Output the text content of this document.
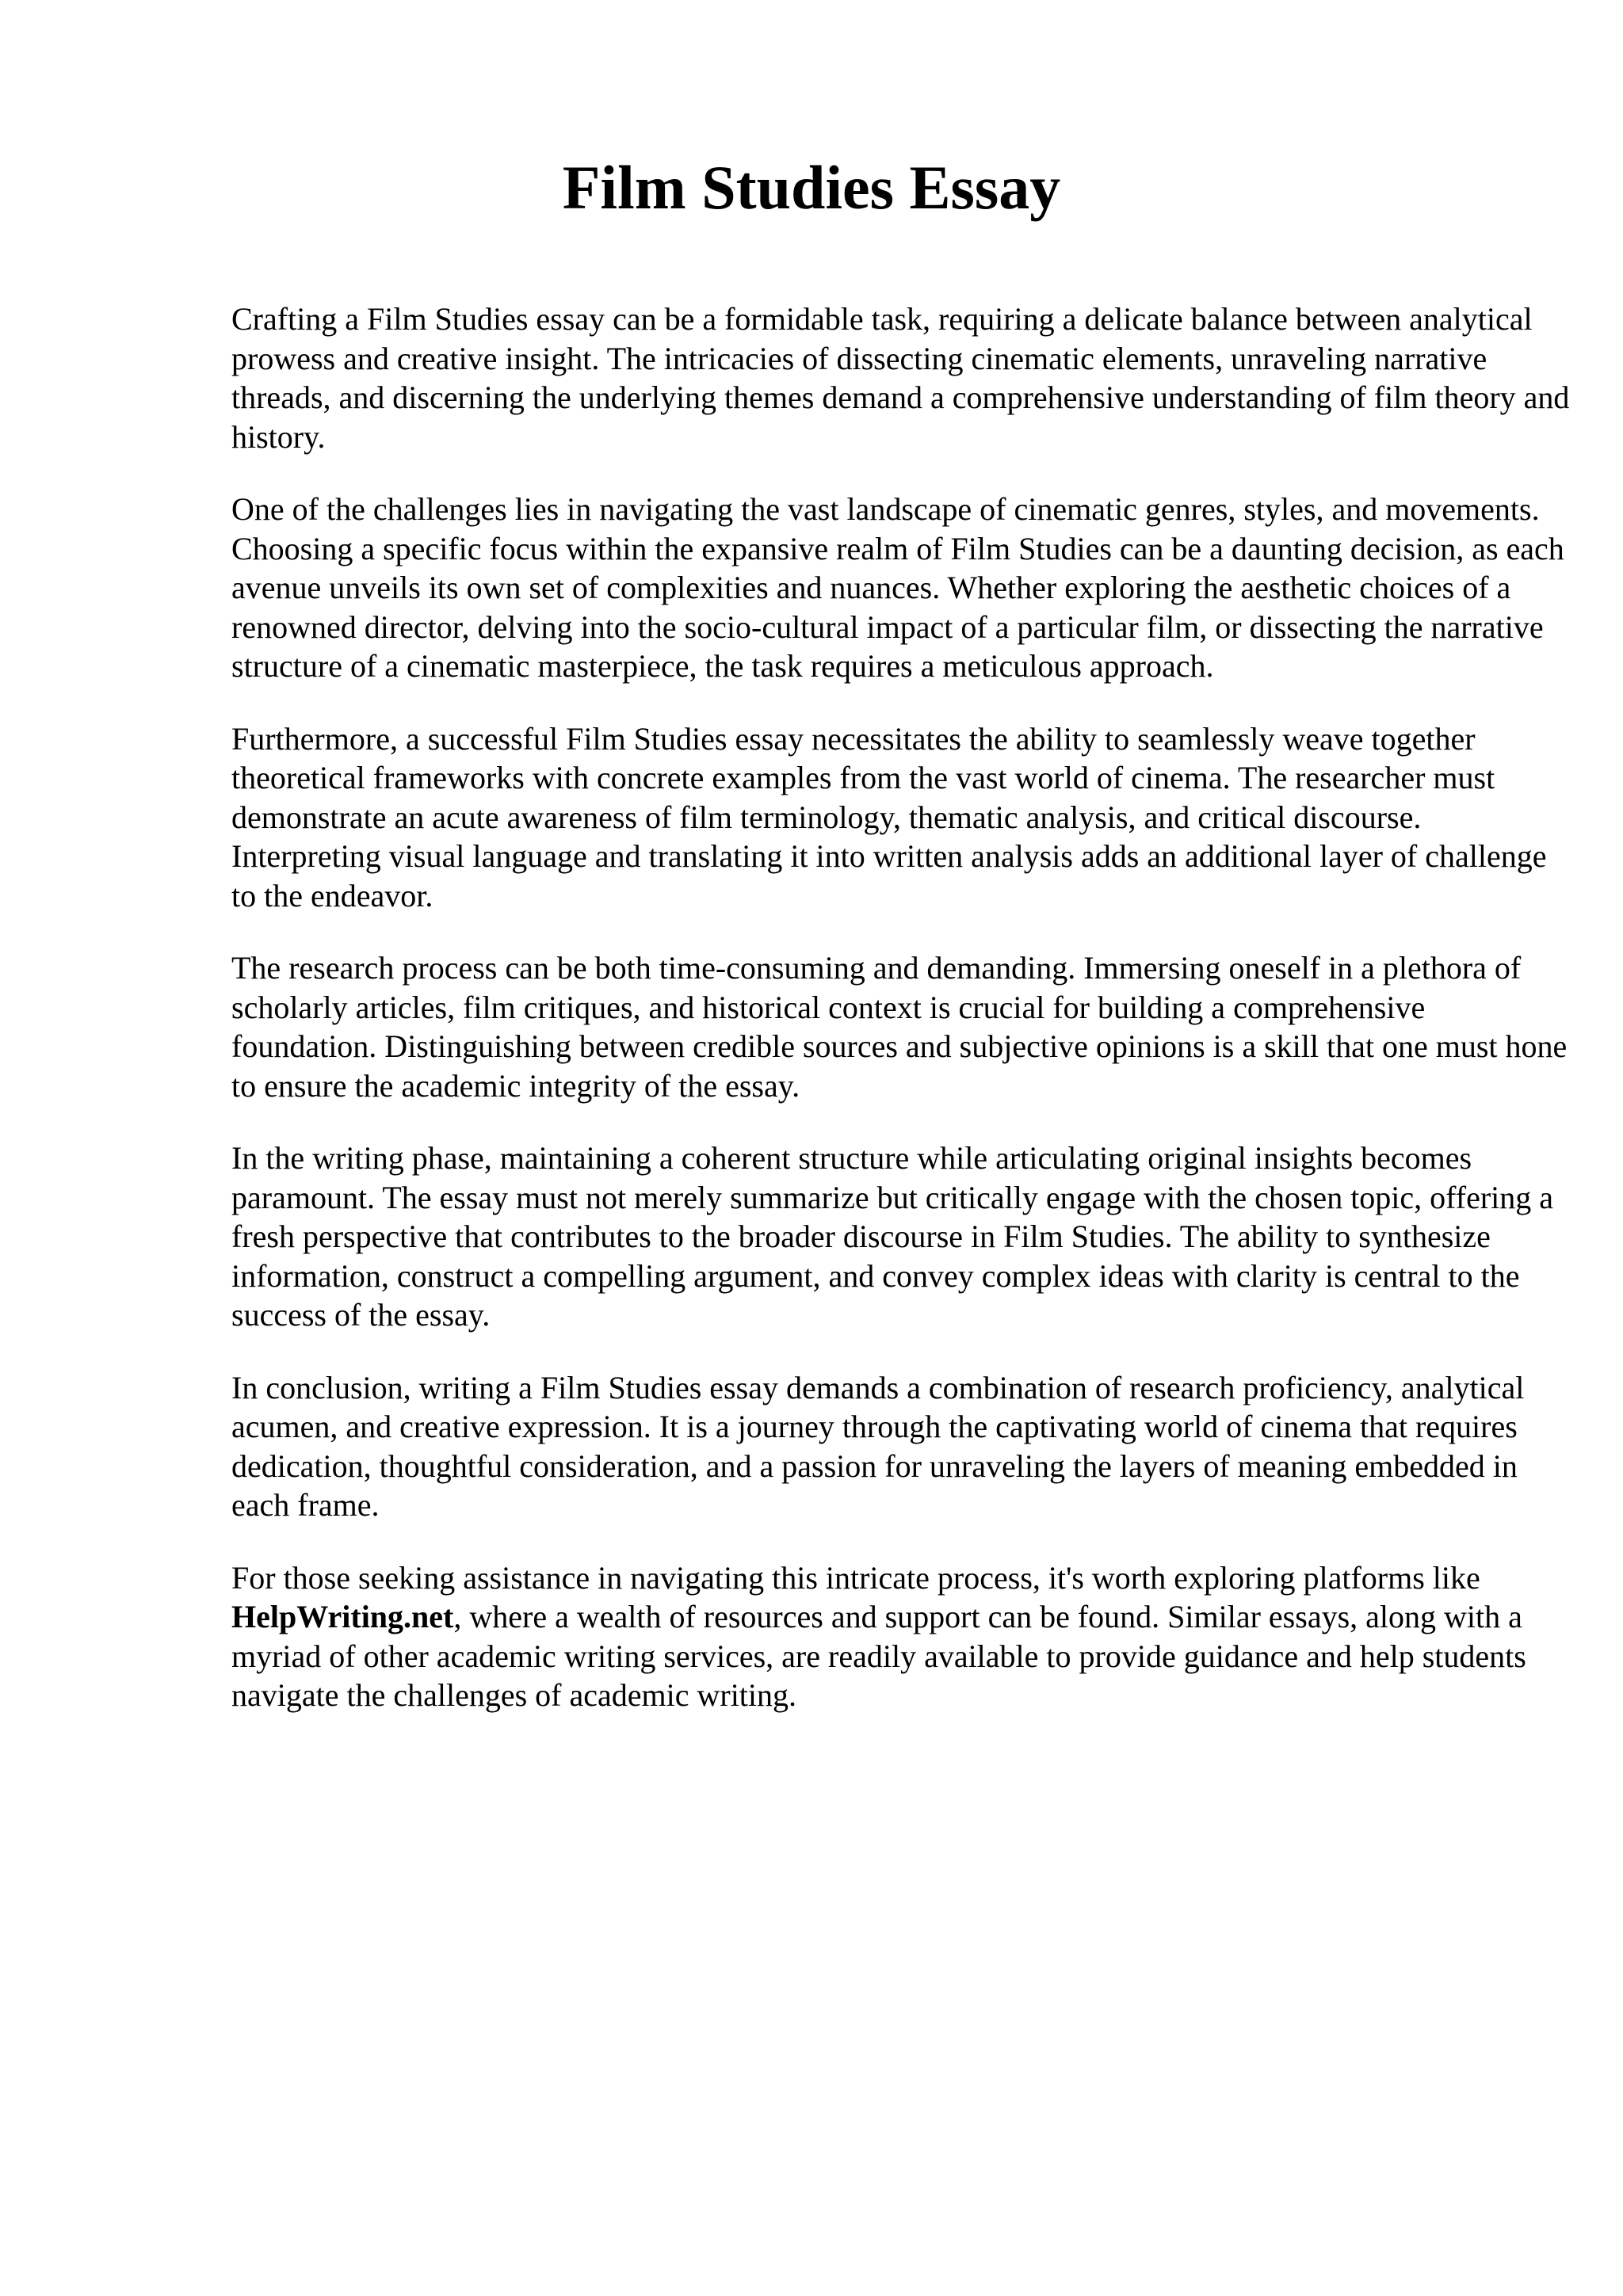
Film Studies Essay

Crafting a Film Studies essay can be a formidable task, requiring a delicate balance between analytical prowess and creative insight. The intricacies of dissecting cinematic elements, unraveling narrative threads, and discerning the underlying themes demand a comprehensive understanding of film theory and history.

One of the challenges lies in navigating the vast landscape of cinematic genres, styles, and movements. Choosing a specific focus within the expansive realm of Film Studies can be a daunting decision, as each avenue unveils its own set of complexities and nuances. Whether exploring the aesthetic choices of a renowned director, delving into the socio-cultural impact of a particular film, or dissecting the narrative structure of a cinematic masterpiece, the task requires a meticulous approach.

Furthermore, a successful Film Studies essay necessitates the ability to seamlessly weave together theoretical frameworks with concrete examples from the vast world of cinema. The researcher must demonstrate an acute awareness of film terminology, thematic analysis, and critical discourse. Interpreting visual language and translating it into written analysis adds an additional layer of challenge to the endeavor.

The research process can be both time-consuming and demanding. Immersing oneself in a plethora of scholarly articles, film critiques, and historical context is crucial for building a comprehensive foundation. Distinguishing between credible sources and subjective opinions is a skill that one must hone to ensure the academic integrity of the essay.

In the writing phase, maintaining a coherent structure while articulating original insights becomes paramount. The essay must not merely summarize but critically engage with the chosen topic, offering a fresh perspective that contributes to the broader discourse in Film Studies. The ability to synthesize information, construct a compelling argument, and convey complex ideas with clarity is central to the success of the essay.

In conclusion, writing a Film Studies essay demands a combination of research proficiency, analytical acumen, and creative expression. It is a journey through the captivating world of cinema that requires dedication, thoughtful consideration, and a passion for unraveling the layers of meaning embedded in each frame.

For those seeking assistance in navigating this intricate process, it's worth exploring platforms like HelpWriting.net, where a wealth of resources and support can be found. Similar essays, along with a myriad of other academic writing services, are readily available to provide guidance and help students navigate the challenges of academic writing.
